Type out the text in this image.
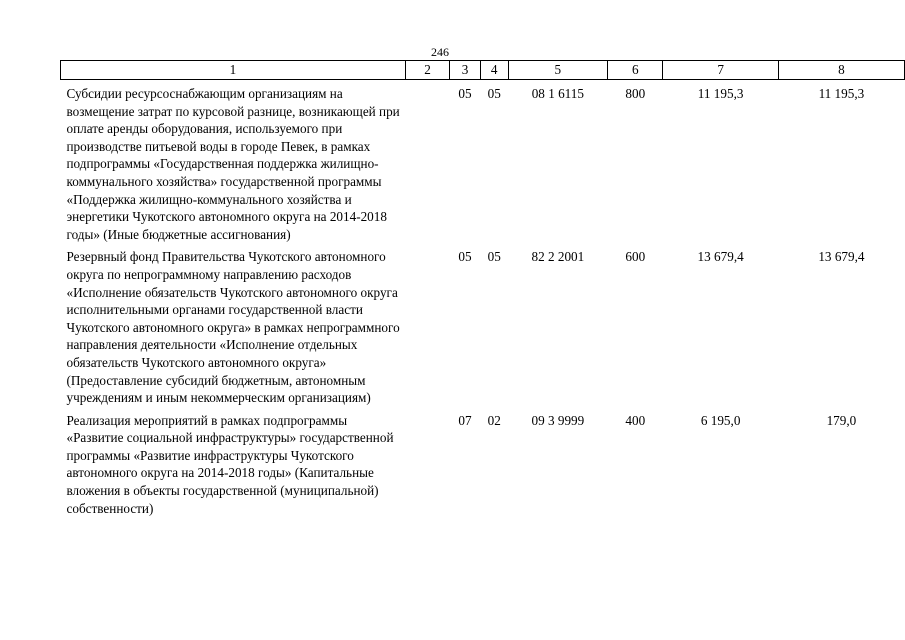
246
1	2	3	4	5	6	7	8
Субсидии ресурсоснабжающим организациям на возмещение затрат по курсовой разнице, возникающей при оплате аренды оборудования, используемого при производстве питьевой воды в городе Певек, в рамках подпрограммы «Государственная поддержка жилищно-коммунального хозяйства» государственной программы «Поддержка жилищно-коммунального хозяйства и энергетики Чукотского автономного округа на 2014-2018 годы» (Иные бюджетные ассигнования)		05	05	08 1 6115	800	11 195,3	11 195,3
Резервный фонд Правительства Чукотского автономного округа по непрограммному направлению расходов «Исполнение обязательств Чукотского автономного округа исполнительными органами государственной власти Чукотского автономного округа» в рамках непрограммного направления деятельности «Исполнение отдельных обязательств Чукотского автономного округа» (Предоставление субсидий бюджетным, автономным учреждениям и иным некоммерческим организациям)		05	05	82 2 2001	600	13 679,4	13 679,4
Реализация мероприятий в рамках подпрограммы «Развитие социальной инфраструктуры» государственной программы «Развитие инфраструктуры Чукотского автономного округа на 2014-2018 годы» (Капитальные вложения в объекты государственной (муниципальной) собственности)		07	02	09 3 9999	400	6 195,0	179,0
